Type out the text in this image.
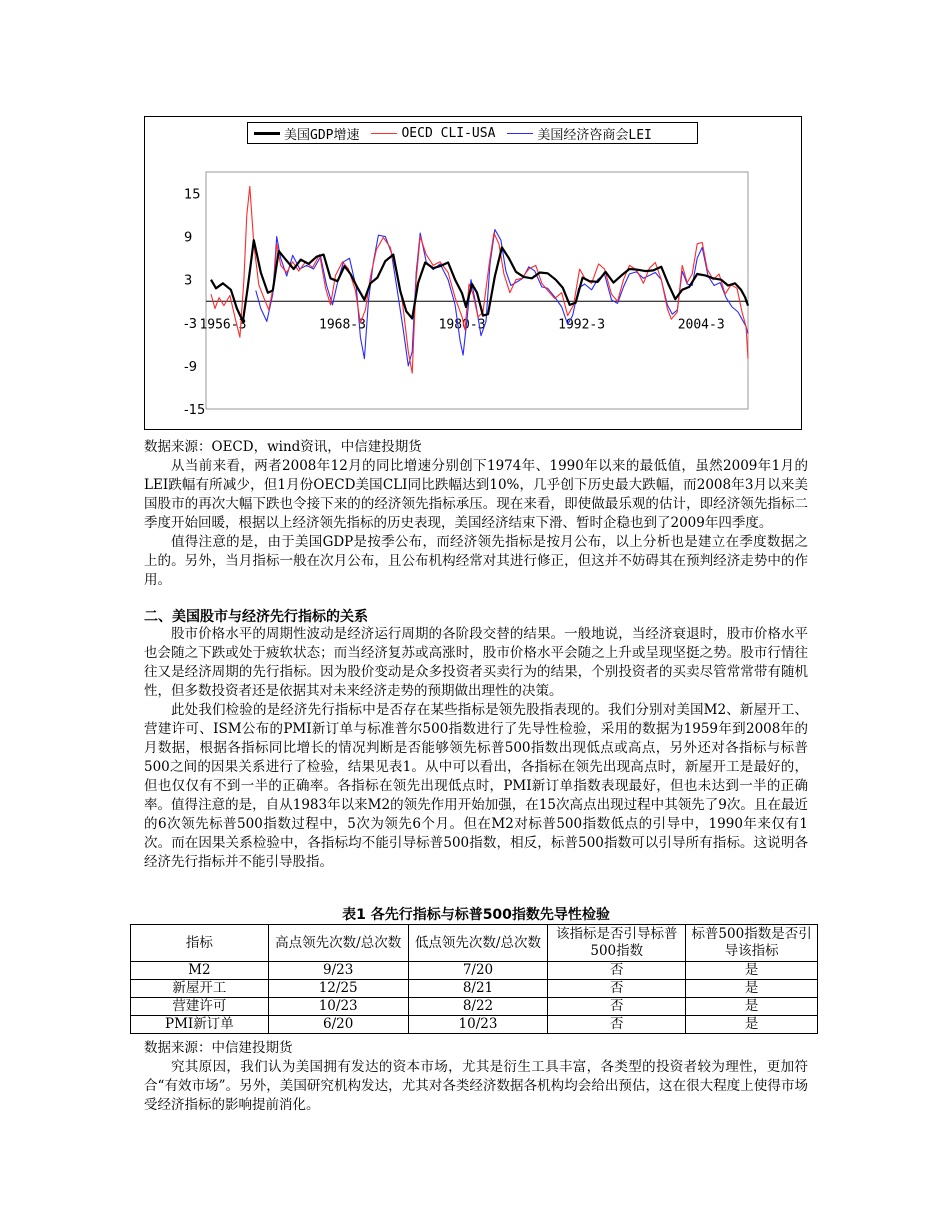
15
9
3
-3
-9
-15
1956-3	1968-3	1980-3	1992-3	2004-3
美国GDP增速	OECD CLI-USA	美国经济咨商会LEI
数据来源：OECD，wind资讯，中信建投期货

从当前来看，两者2008年12月的同比增速分别创下1974年、1990年以来的最低值，虽然2009年1月的LEI跌幅有所减少，但1月份OECD美国CLI同比跌幅达到10%，几乎创下历史最大跌幅，而2008年3月以来美国股市的再次大幅下跌也令接下来的的经济领先指标承压。现在来看，即使做最乐观的估计，即经济领先指标二季度开始回暖，根据以上经济领先指标的历史表现，美国经济结束下滑、暂时企稳也到了2009年四季度。

值得注意的是，由于美国GDP是按季公布，而经济领先指标是按月公布，以上分析也是建立在季度数据之上的。另外，当月指标一般在次月公布，且公布机构经常对其进行修正，但这并不妨碍其在预判经济走势中的作用。

二、美国股市与经济先行指标的关系

股市价格水平的周期性波动是经济运行周期的各阶段交替的结果。一般地说，当经济衰退时，股市价格水平也会随之下跌或处于疲软状态；而当经济复苏或高涨时，股市价格水平会随之上升或呈现坚挺之势。股市行情往往又是经济周期的先行指标。因为股价变动是众多投资者买卖行为的结果，个别投资者的买卖尽管常常带有随机性，但多数投资者还是依据其对未来经济走势的预期做出理性的决策。

此处我们检验的是经济先行指标中是否存在某些指标是领先股指表现的。我们分别对美国M2、新屋开工、营建许可、ISM公布的PMI新订单与标准普尔500指数进行了先导性检验，采用的数据为1959年到2008年的月数据，根据各指标同比增长的情况判断是否能够领先标普500指数出现低点或高点，另外还对各指标与标普500之间的因果关系进行了检验，结果见表1。从中可以看出，各指标在领先出现高点时，新屋开工是最好的，但也仅仅有不到一半的正确率。各指标在领先出现低点时，PMI新订单指数表现最好，但也未达到一半的正确率。值得注意的是，自从1983年以来M2的领先作用开始加强，在15次高点出现过程中其领先了9次。且在最近的6次领先标普500指数过程中，5次为领先6个月。但在M2对标普500指数低点的引导中，1990年来仅有1次。而在因果关系检验中，各指标均不能引导标普500指数，相反，标普500指数可以引导所有指标。这说明各经济先行指标并不能引导股指。

表1 各先行指标与标普500指数先导性检验
指标	高点领先次数/总次数	低点领先次数/总次数	该指标是否引导标普500指数	标普500指数是否引导该指标
M2	9/23	7/20	否	是
新屋开工	12/25	8/21	否	是
营建许可	10/23	8/22	否	是
PMI新订单	6/20	10/23	否	是
数据来源：中信建投期货

究其原因，我们认为美国拥有发达的资本市场，尤其是衍生工具丰富，各类型的投资者较为理性，更加符合“有效市场”。另外，美国研究机构发达，尤其对各类经济数据各机构均会给出预估，这在很大程度上使得市场受经济指标的影响提前消化。
